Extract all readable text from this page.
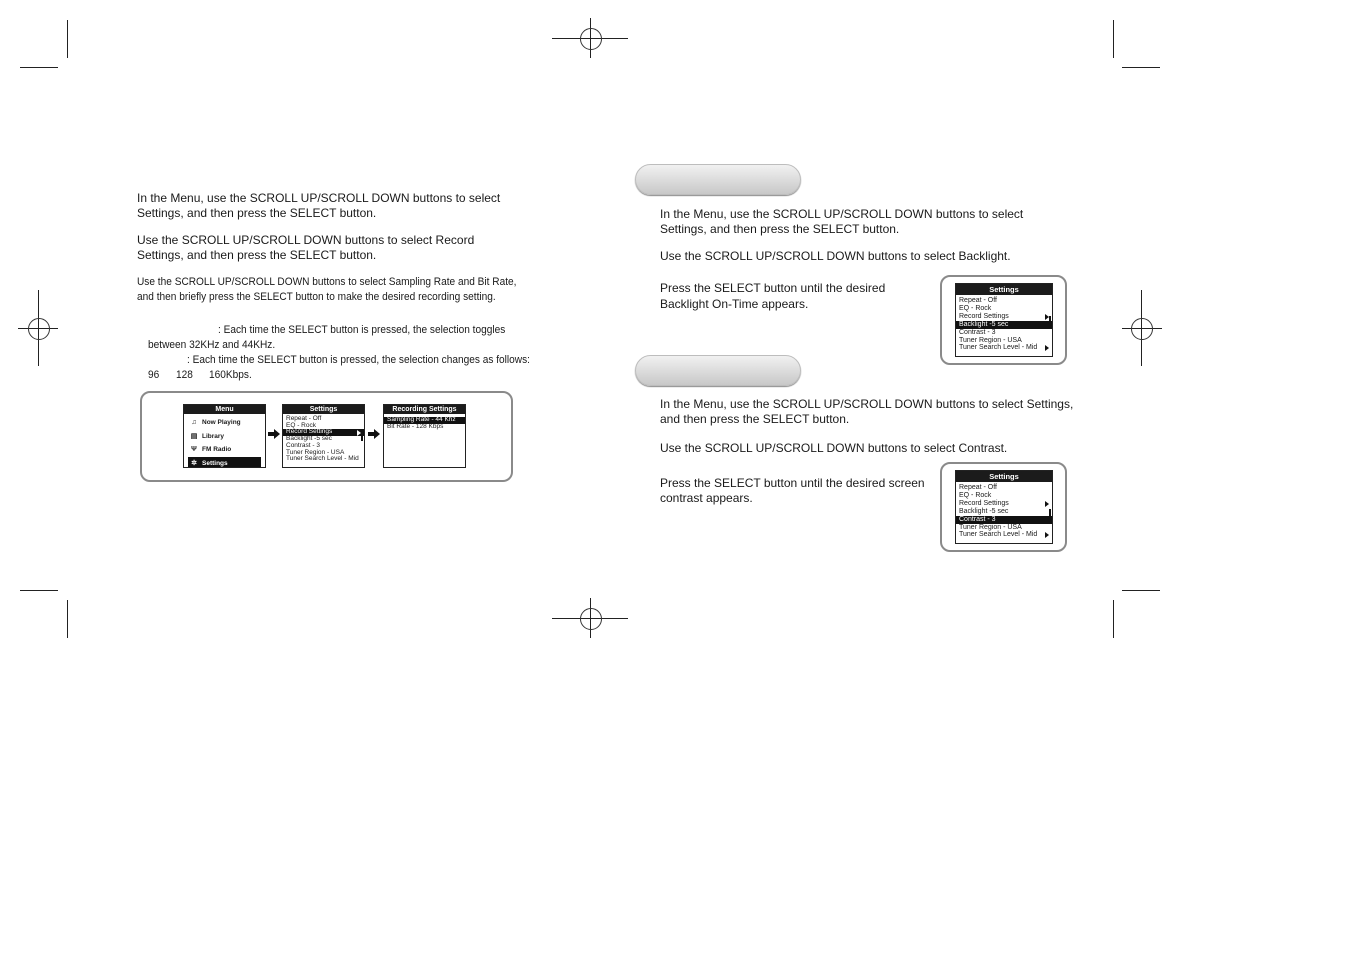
In the Menu, use the SCROLL UP/SCROLL DOWN buttons to select
Settings, and then press the SELECT button.
Use the SCROLL UP/SCROLL DOWN buttons to select Record
Settings, and then press the SELECT button.
Use the SCROLL UP/SCROLL DOWN buttons to select Sampling Rate and Bit Rate,
and then briefly press the SELECT button to make the desired recording setting.
: Each time the SELECT button is pressed, the selection toggles
between 32KHz and 44KHz.
: Each time the SELECT button is pressed, the selection changes as follows:
96 128 160Kbps.
Menu
♫ Now Playing
▤ Library
Ψ FM Radio
✲ Settings
Settings
Repeat - Off
EQ - Rock
Record Settings
Backlight -5 sec
Contrast - 3
Tuner Region - USA
Tuner Search Level - Mid
Recording Settings
Sampling Rate - 44 Khz
Bit Rate - 128 Kbps
In the Menu, use the SCROLL UP/SCROLL DOWN buttons to select
Settings, and then press the SELECT button.
Use the SCROLL UP/SCROLL DOWN buttons to select Backlight.
Press the SELECT button until the desired
Backlight On-Time appears.
Settings
Repeat - Off
EQ - Rock
Record Settings
Backlight -5 sec
Contrast - 3
Tuner Region - USA
Tuner Search Level - Mid
In the Menu, use the SCROLL UP/SCROLL DOWN buttons to select Settings,
and then press the SELECT button.
Use the SCROLL UP/SCROLL DOWN buttons to select Contrast.
Press the SELECT button until the desired screen
contrast appears.
Settings
Repeat - Off
EQ - Rock
Record Settings
Backlight -5 sec
Contrast - 3
Tuner Region - USA
Tuner Search Level - Mid
